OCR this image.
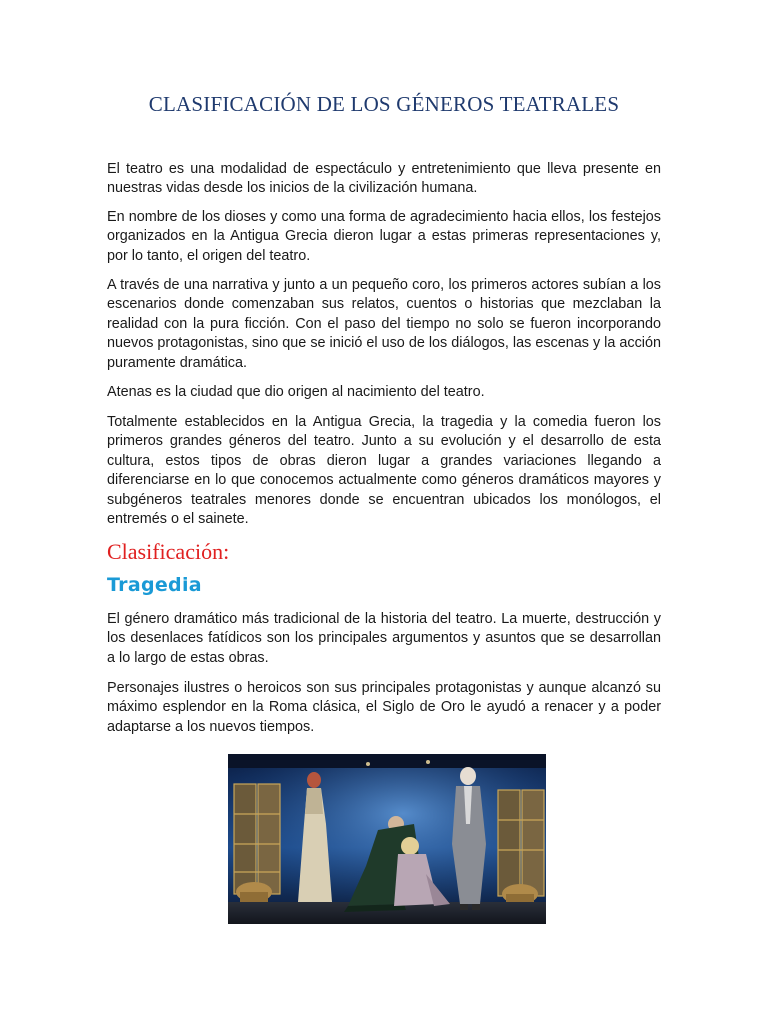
CLASIFICACIÓN DE LOS GÉNEROS TEATRALES

El teatro es una modalidad de espectáculo y entretenimiento que lleva presente en nuestras vidas desde los inicios de la civilización humana.

En nombre de los dioses y como una forma de agradecimiento hacia ellos, los festejos organizados en la Antigua Grecia dieron lugar a estas primeras representaciones y, por lo tanto, el origen del teatro.

A través de una narrativa y junto a un pequeño coro, los primeros actores subían a los escenarios donde comenzaban sus relatos, cuentos o historias que mezclaban la realidad con la pura ficción. Con el paso del tiempo no solo se fueron incorporando nuevos protagonistas, sino que se inició el uso de los diálogos, las escenas y la acción puramente dramática.

Atenas es la ciudad que dio origen al nacimiento del teatro.

Totalmente establecidos en la Antigua Grecia, la tragedia y la comedia fueron los primeros grandes géneros del teatro. Junto a su evolución y el desarrollo de esta cultura, estos tipos de obras dieron lugar a grandes variaciones llegando a diferenciarse en lo que conocemos actualmente como géneros dramáticos mayores y subgéneros teatrales menores donde se encuentran ubicados los monólogos, el entremés o el sainete.

Clasificación:
Tragedia

El género dramático más tradicional de la historia del teatro. La muerte, destrucción y los desenlaces fatídicos son los principales argumentos y asuntos que se desarrollan a lo largo de estas obras.

Personajes ilustres o heroicos son sus principales protagonistas y aunque alcanzó su máximo esplendor en la Roma clásica, el Siglo de Oro le ayudó a renacer y a poder adaptarse a los nuevos tiempos.
